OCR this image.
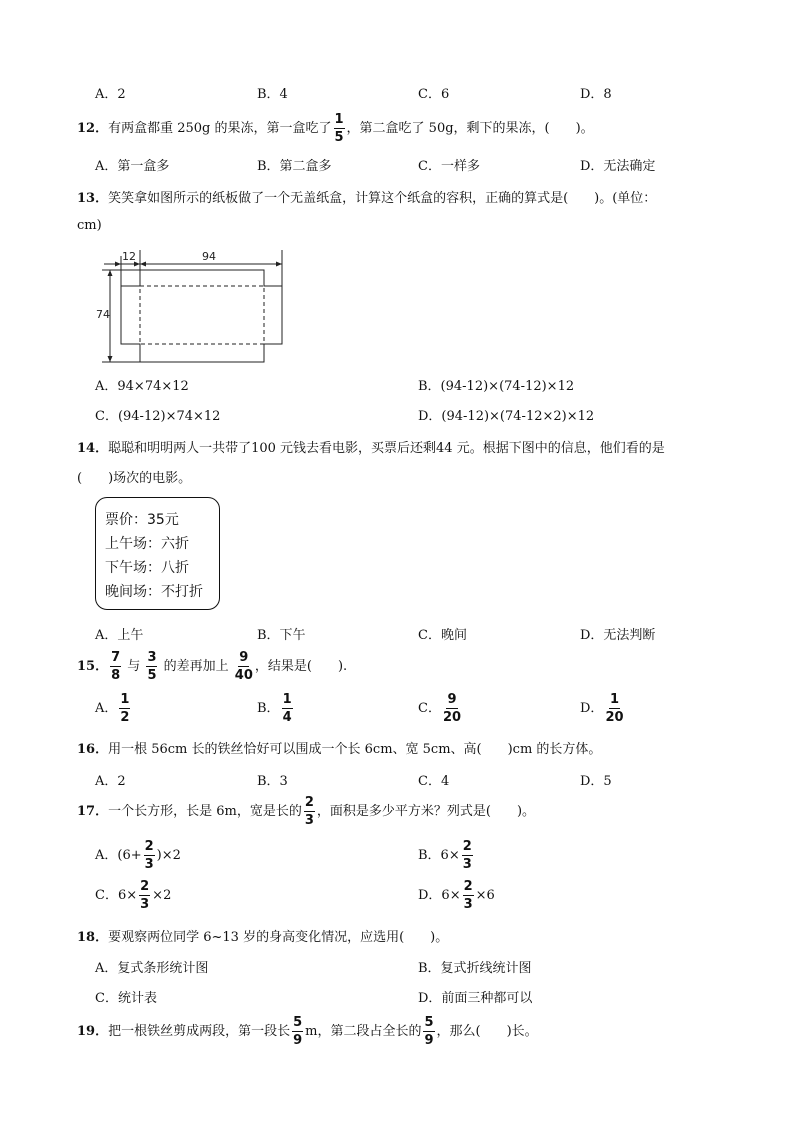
A．2	B．4	C．6	D．8
12．有两盒都重 250g 的果冻，第一盒吃了 $\frac{1}{5}$ ，第二盒吃了 50g，剩下的果冻，(　　)。
A．第一盒多	B．第二盒多	C．一样多	D．无法确定
13．笑笑拿如图所示的纸板做了一个无盖纸盒，计算这个纸盒的容积，正确的算式是(　　)。(单位：
cm)
12	94
74
A．94×74×12	B．(94-12)×(74-12)×12
C．(94-12)×74×12	D．(94-12)×(74-12×2)×12
14．聪聪和明明两人一共带了100 元钱去看电影，买票后还剩44 元。根据下图中的信息，他们看的是
(　　)场次的电影。
票价：35元
上午场：六折
下午场：八折
晚间场：不打折
A．上午	B．下午	C．晚间	D．无法判断
15． $\frac{7}{8}$ 与 $\frac{3}{5}$ 的差再加上 $\frac{9}{40}$ ，结果是(　　).
A． $\frac{1}{2}$	B． $\frac{1}{4}$	C． $\frac{9}{20}$	D． $\frac{1}{20}$
16．用一根 56cm 长的铁丝恰好可以围成一个长 6cm、宽 5cm、高(　　)cm 的长方体。
A．2	B．3	C．4	D．5
17．一个长方形，长是 6m，宽是长的 $\frac{2}{3}$ ，面积是多少平方米？列式是(　　)。
A．$(6+ \frac{2}{3} )\times 2$	B．$6\times \frac{2}{3}$
C．$6\times \frac{2}{3} \times 2$	D．$6\times \frac{2}{3} \times 6$
18．要观察两位同学 6~13 岁的身高变化情况，应选用(　　)。
A．复式条形统计图	B．复式折线统计图
C．统计表	D．前面三种都可以
19．把一根铁丝剪成两段，第一段长 $\frac{5}{9}$ m，第二段占全长的 $\frac{5}{9}$ ，那么(　　)长。
